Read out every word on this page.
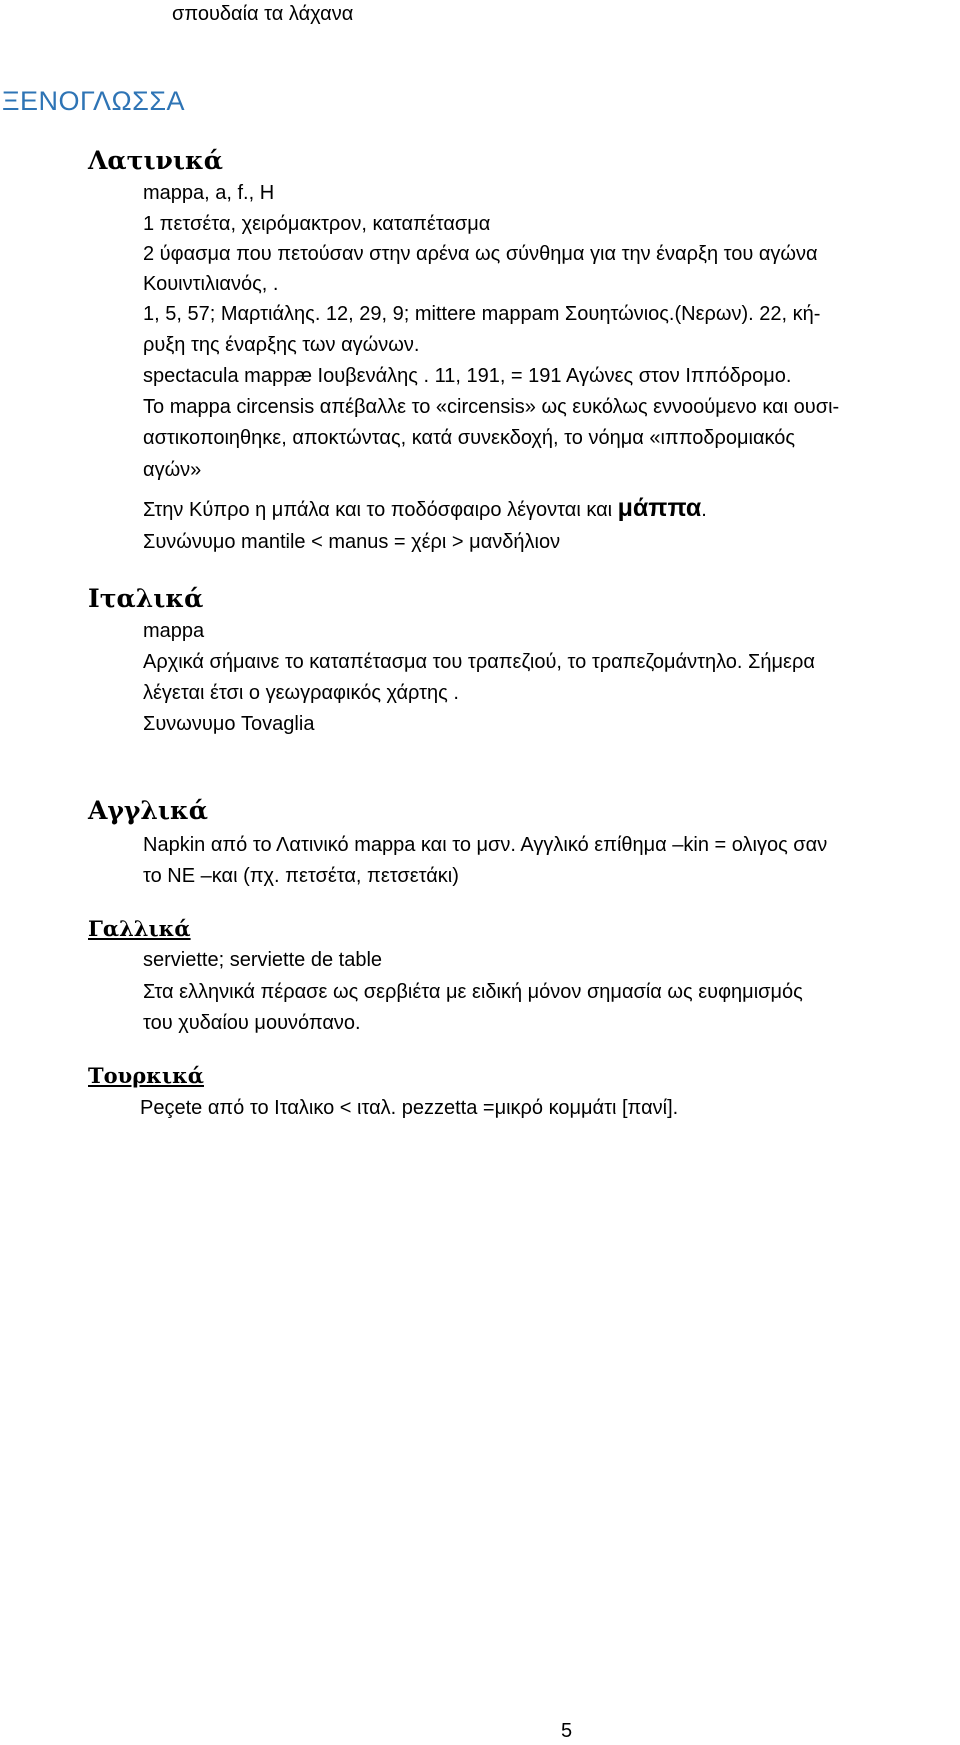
σπουδαία τα λάχανα
ΞΕΝΟΓΛΩΣΣΑ
Λατινικά
mappa, a, f., H
1 πετσέτα, χειρόμακτρον, καταπέτασμα
2 ύφασμα που πετούσαν στην αρένα ως σύνθημα για την έναρξη του αγώνα
Κουιντιλιανός, .
1, 5, 57; Μαρτιάλης. 12, 29, 9; mittere mappam Σουητώνιος.(Νερων). 22, κή-
ρυξη της έναρξης των αγώνων.
spectacula mappæ Ιουβενάλης . 11, 191, = 191 Αγώνες στον Ιππόδρομο.
Το mappa circensis απέβαλλε το «circensis» ως ευκόλως εννοούμενο και ουσι-
αστικοποιηθηκε, αποκτώντας, κατά συνεκδοχή, το νόημα «ιπποδρομιακός
αγών»
Στην Κύπρο η μπάλα και το ποδόσφαιρο λέγονται και μάππα.
Συνώνυμο mantile < manus = χέρι > μανδήλιον
Ιταλικά
mappa
Αρχικά σήμαινε το καταπέτασμα του τραπεζιού, το τραπεζομάντηλο. Σήμερα
λέγεται έτσι ο γεωγραφικός χάρτης .
Συνωνυμο Tovaglia
Αγγλικά
Napkin από το Λατινικό mappa και το μσν. Αγγλικό επίθημα –kin = ολιγος σαν
το ΝΕ –και (πχ. πετσέτα, πετσετάκι)
Γαλλικά
serviette; serviette de table
Στα ελληνικά πέρασε ως σερβιέτα με ειδική μόνον σημασία ως ευφημισμός
του χυδαίου μουνόπανο.
Τουρκικά
Peçete από το Ιταλικο < ιταλ. pezzetta =μικρό κομμάτι [πανί].
5
